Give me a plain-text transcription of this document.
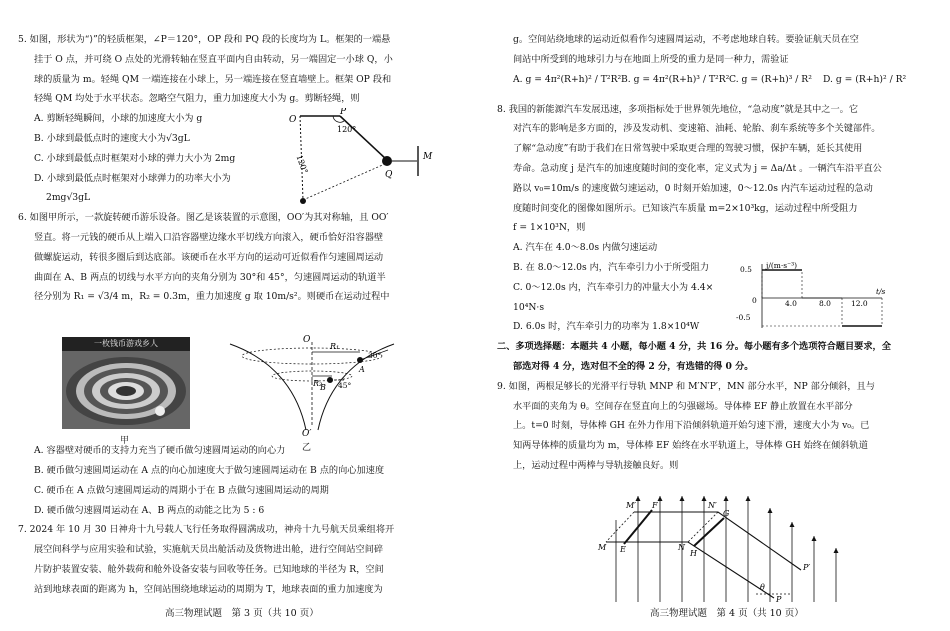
5. 如图，形状为“⟩”的轻质框架，∠P＝120°，OP 段和 PQ 段的长度均为 L。框架的一端悬

挂于 O 点，并可绕 O 点处的光滑转轴在竖直平面内自由转动，另一端固定一小球 Q，小

球的质量为 m。轻绳 QM 一端连接在小球上，另一端连接在竖直墙壁上。框架 OP 段和

轻绳 QM 均处于水平状态。忽略空气阻力，重力加速度大小为 g。剪断轻绳，则

A. 剪断轻绳瞬间，小球的加速度大小为 g

B. 小球到最低点时的速度大小为√3gL

C. 小球到最低点时框架对小球的弹力大小为 2mg

D. 小球到最低点时框架对小球弹力的功率大小为

2mg√3gL

6. 如图甲所示，一款旋转硬币游乐设备。图乙是该装置的示意图，OO′为其对称轴，且 OO′

竖直。将一元钱的硬币从上端入口沿容器壁边缘水平切线方向滚入，硬币恰好沿容器壁

做螺旋运动，转很多圈后到达底部。该硬币在水平方向的运动可近似看作匀速圆周运动

曲面在 A、B 两点的切线与水平方向的夹角分别为 30°和 45°，匀速圆周运动的轨道半

径分别为 R₁ = √3/4 m，R₂ = 0.3m，重力加速度 g 取 10m/s²。则硬币在运动过程中

A. 容器壁对硬币的支持力充当了硬币做匀速圆周运动的向心力

B. 硬币做匀速圆周运动在 A 点的向心加速度大于做匀速圆周运动在 B 点的向心加速度

C. 硬币在 A 点做匀速圆周运动的周期小于在 B 点做匀速圆周运动的周期

D. 硬币做匀速圆周运动在 A、B 两点的动能之比为 5 : 6

7. 2024 年 10 月 30 日神舟十九号载人飞行任务取得圆满成功，神舟十九号航天员乘组将开

展空间科学与应用实验和试验，实施航天员出舱活动及货物进出舱，进行空间站空间碎

片防护装置安装、舱外载荷和舱外设备安装与回收等任务。已知地球的半径为 R，空间

站到地球表面的距离为 h，空间站围绕地球运动的周期为 T，地球表面的重力加速度为

O
P
120°
Q
M
120°
一枚钱币游戏乡人
甲
O
O′
R₁
R₂
A
B
30°
45°
乙
高三物理试题　第 3 页（共 10 页）

g。空间站绕地球的运动近似看作匀速圆周运动，不考虑地球自转。要验证航天员在空

间站中所受到的地球引力与在地面上所受的重力是同一种力，需验证

A. g = 4π²(R+h)² / T²R² B. g = 4π²(R+h)³ / T²R² C. g = (R+h)³ / R² D. g = (R+h)² / R²

8. 我国的新能源汽车发展迅速，多项指标处于世界领先地位，“急动度”就是其中之一。它

对汽车的影响是多方面的，涉及发动机、变速箱、油耗、轮胎、刹车系统等多个关键部件。

了解“急动度”有助于我们在日常驾驶中采取更合理的驾驶习惯，保护车辆，延长其使用

寿命。急动度 j 是汽车的加速度随时间的变化率，定义式为 j = Δa/Δt 。一辆汽车沿平直公

路以 v₀=10m/s 的速度做匀速运动，0 时刻开始加速，0～12.0s 内汽车运动过程的急动

度随时间变化的图像如图所示。已知该汽车质量 m=2×10³kg，运动过程中所受阻力

f = 1×10³N，则

A. 汽车在 4.0～8.0s 内做匀速运动

B. 在 8.0～12.0s 内，汽车牵引力小于所受阻力

C. 0～12.0s 内，汽车牵引力的冲量大小为 4.4×

10⁴N·s

D. 6.0s 时，汽车牵引力的功率为 1.8×10⁴W

二、多项选择题：本题共 4 小题，每小题 4 分，共 16 分。每小题有多个选项符合题目要求，全

部选对得 4 分，选对但不全的得 2 分，有选错的得 0 分。

9. 如图，两根足够长的光滑平行导轨 MNP 和 M′N′P′，MN 部分水平，NP 部分倾斜，且与

水平面的夹角为 θ。空间存在竖直向上的匀强磁场。导体棒 EF 静止放置在水平部分

上。t=0 时刻，导体棒 GH 在外力作用下沿倾斜轨道开始匀速下滑，速度大小为 v₀。已

知两导体棒的质量均为 m，导体棒 EF 始终在水平轨道上，导体棒 GH 始终在倾斜轨道

上，运动过程中两棒与导轨接触良好。则

j/(m·s⁻³)
t/s
0.5
0
-0.5
4.0	8.0	12.0
M′ F	N′
G
M E	N
H
θ
P′
P
高三物理试题　第 4 页（共 10 页）
